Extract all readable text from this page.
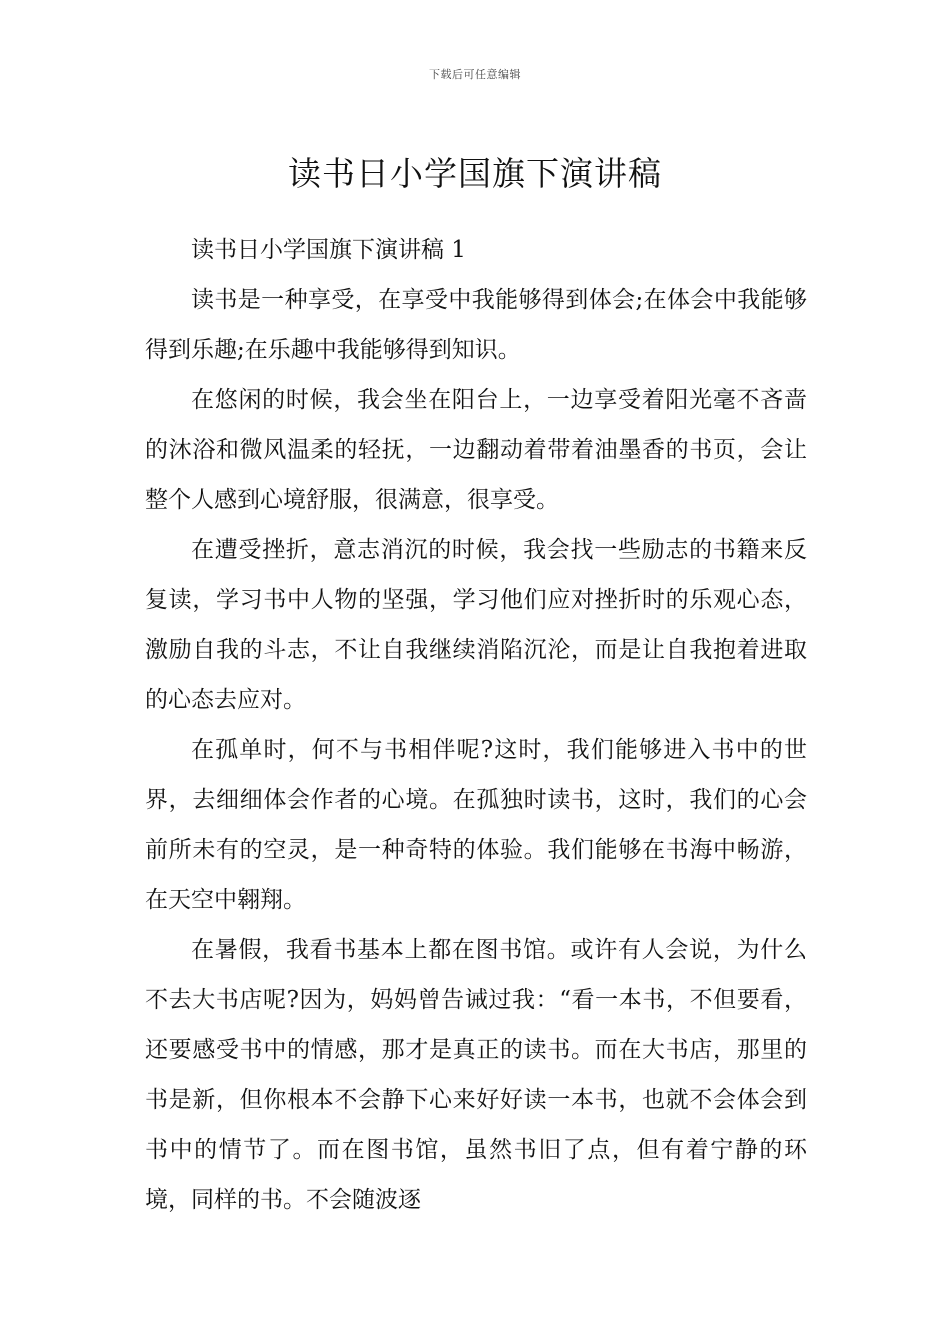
下载后可任意编辑
读书日小学国旗下演讲稿

读书日小学国旗下演讲稿 1

读书是一种享受，在享受中我能够得到体会;在体会中我能够得到乐趣;在乐趣中我能够得到知识。

在悠闲的时候，我会坐在阳台上，一边享受着阳光毫不吝啬的沐浴和微风温柔的轻抚，一边翻动着带着油墨香的书页，会让整个人感到心境舒服，很满意，很享受。

在遭受挫折，意志消沉的时候，我会找一些励志的书籍来反复读，学习书中人物的坚强，学习他们应对挫折时的乐观心态，激励自我的斗志，不让自我继续消陷沉沦，而是让自我抱着进取的心态去应对。

在孤单时，何不与书相伴呢?这时，我们能够进入书中的世界，去细细体会作者的心境。在孤独时读书，这时，我们的心会前所未有的空灵，是一种奇特的体验。我们能够在书海中畅游，在天空中翱翔。

在暑假，我看书基本上都在图书馆。或许有人会说，为什么不去大书店呢?因为，妈妈曾告诫过我：“看一本书，不但要看，还要感受书中的情感，那才是真正的读书。而在大书店，那里的书是新，但你根本不会静下心来好好读一本书，也就不会体会到书中的情节了。而在图书馆，虽然书旧了点，但有着宁静的环境，同样的书。不会随波逐
